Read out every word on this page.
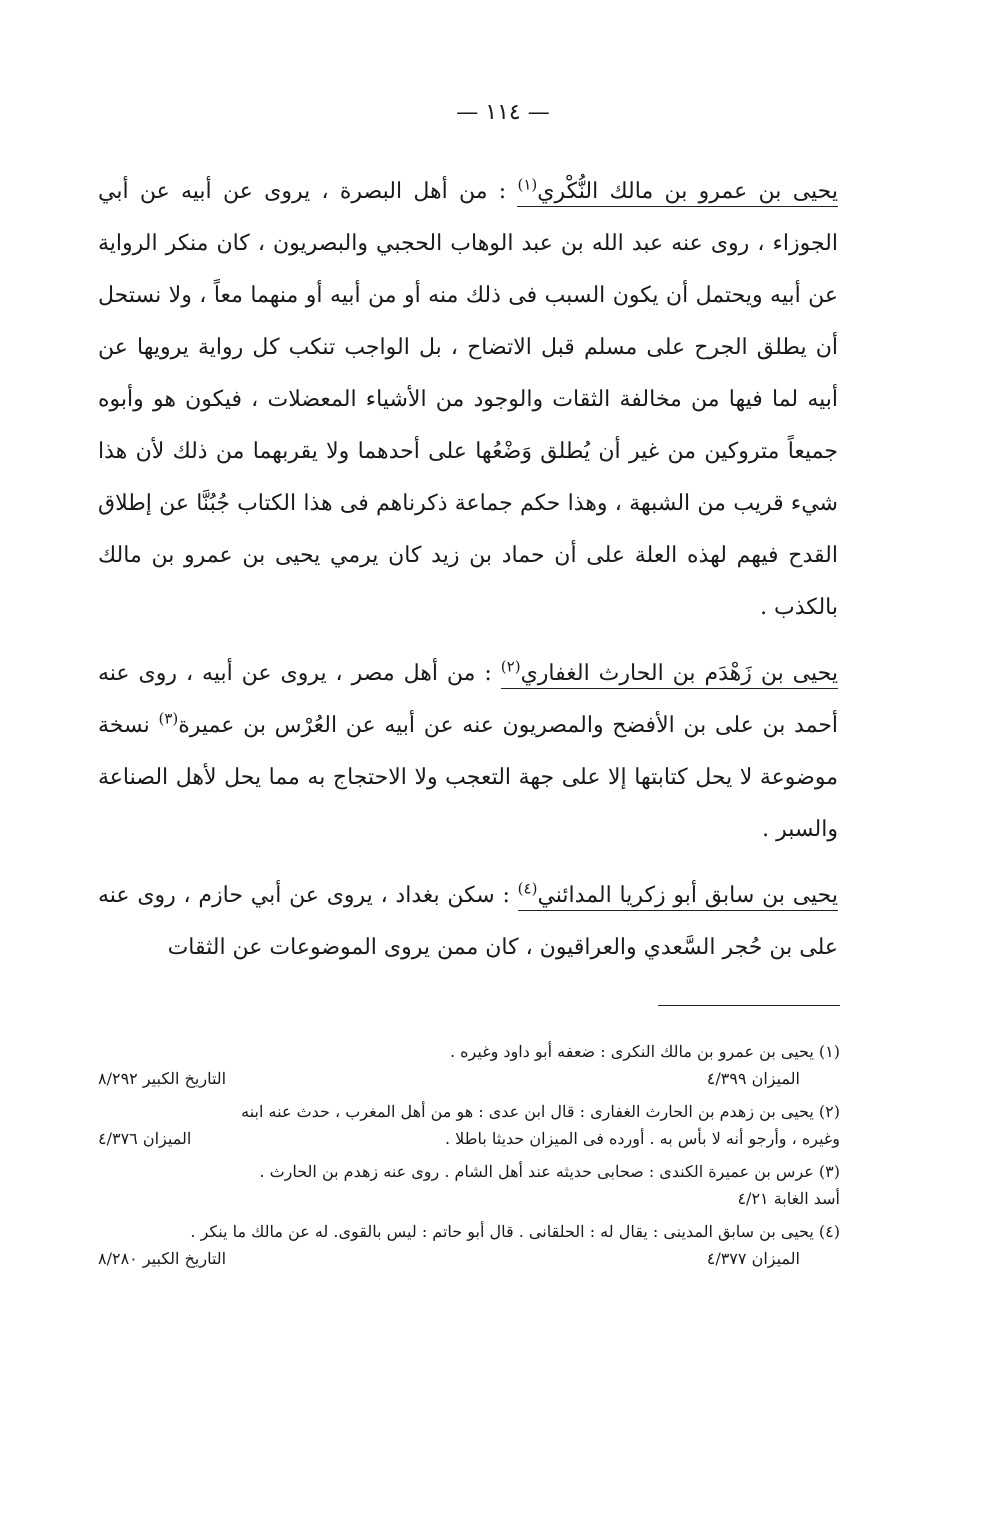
— ١١٤ —

يحيى بن عمرو بن مالك النُّكْري$^{(١)}$ : من أهل البصرة ، يروى عن أبيه عن أبي الجوزاء ، روى عنه عبد الله بن عبد الوهاب الحجبي والبصريون ، كان منكر الرواية عن أبيه ويحتمل أن يكون السبب فى ذلك منه أو من أبيه أو منهما معاً ، ولا نستحل أن يطلق الجرح على مسلم قبل الاتضاح ، بل الواجب تنكب كل رواية يرويها عن أبيه لما فيها من مخالفة الثقات والوجود من الأشياء المعضلات ، فيكون هو وأبوه جميعاً متروكين من غير أن يُطلق وَضْعُها على أحدهما ولا يقربهما من ذلك لأن هذا شيء قريب من الشبهة ، وهذا حكم جماعة ذكرناهم فى هذا الكتاب جُبُنَّا عن إطلاق القدح فيهم لهذه العلة على أن حماد بن زيد كان يرمي يحيى بن عمرو بن مالك بالكذب .

يحيى بن زَهْدَم بن الحارث الغفاري$^{(٢)}$ : من أهل مصر ، يروى عن أبيه ، روى عنه أحمد بن على بن الأفضح والمصريون عنه عن أبيه عن العُرْس بن عميرة$^{(٣)}$ نسخة موضوعة لا يحل كتابتها إلا على جهة التعجب ولا الاحتجاج به مما يحل لأهل الصناعة والسبر .

يحيى بن سابق أبو زكريا المدائني$^{(٤)}$ : سكن بغداد ، يروى عن أبي حازم ، روى عنه على بن حُجر السَّعدي والعراقيون ، كان ممن يروى الموضوعات عن الثقات

(١) يحيى بن عمرو بن مالك النكرى : ضعفه أبو داود وغيره .
الميزان ٤/٣٩٩
التاريخ الكبير ٨/٢٩٢
(٢) يحيى بن زهدم بن الحارث الغفارى : قال ابن عدى : هو من أهل المغرب ، حدث عنه ابنه
وغيره ، وأرجو أنه لا بأس به . أورده فى الميزان حديثا باطلا .
الميزان ٤/٣٧٦
(٣) عرس بن عميرة الكندى : صحابى حديثه عند أهل الشام . روى عنه زهدم بن الحارث .
أسد الغابة ٤/٢١
(٤) يحيى بن سابق المدينى : يقال له : الحلقانى . قال أبو حاتم : ليس بالقوى. له عن مالك ما ينكر .
الميزان ٤/٣٧٧
التاريخ الكبير ٨/٢٨٠
